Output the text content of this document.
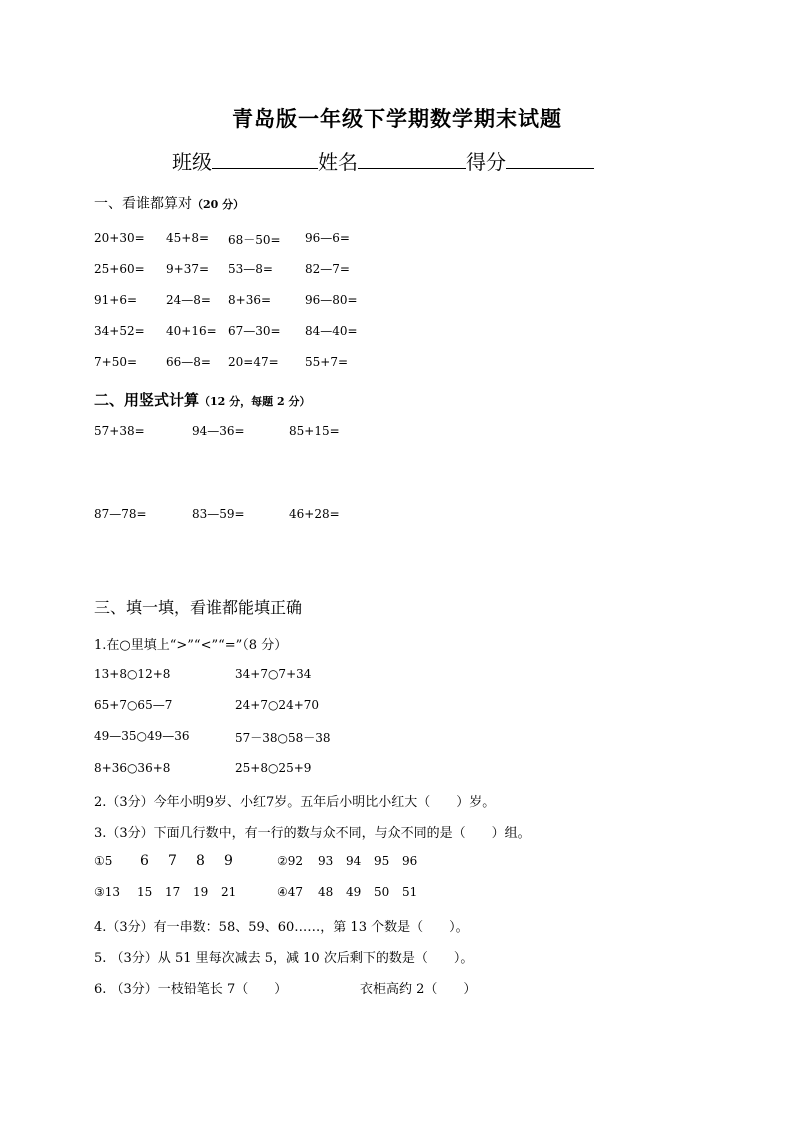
青岛版一年级下学期数学期末试题
班级	姓名	得分
一、看谁都算对（20 分）
20+30= 45+8= 68－50= 96—6=
25+60= 9+37= 53—8=	82—7=
91+6= 24—8= 8+36=	96—80=
34+52= 40+16= 67—30= 84—40=
7+50= 66—8= 20=47= 55+7=
二、用竖式计算（12 分，每题 2 分）
57+38=	94—36=	85+15=
87—78=	83—59=	46+28=
三、填一填，看谁都能填正确
1.在○里填上“>”“<”“=”（8 分）
13+8○12+8	34+7○7+34
65+7○65—7	24+7○24+70
49—35○49—36	57－38○58－38
8+36○36+8	25+8○25+9
2.（3分）今年小明9岁、小红7岁。五年后小明比小红大（　　）岁。
3.（3分）下面几行数中，有一行的数与众不同，与众不同的是（　　）组。
①5 6 7 8 9	②92 93 94 95 96
③13 15 17 19 21	④47 48 49 50 51
4.（3分）有一串数：58、59、60……，第 13 个数是（　　）。
5. （3分）从 51 里每次减去 5，减 10 次后剩下的数是（　　）。
6. （3分）一枝铅笔长 7（　　）	衣柜高约 2（　　）
